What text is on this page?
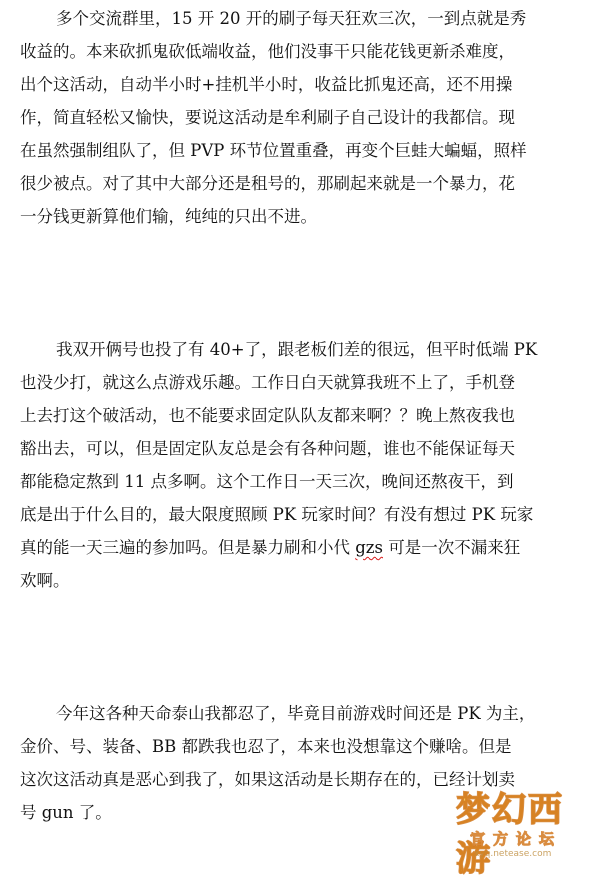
多个交流群里，15 开 20 开的刷子每天狂欢三次，一到点就是秀
收益的。本来砍抓鬼砍低端收益，他们没事干只能花钱更新杀难度，
出个这活动，自动半小时+挂机半小时，收益比抓鬼还高，还不用操
作，简直轻松又愉快，要说这活动是牟利刷子自己设计的我都信。现
在虽然强制组队了，但 PVP 环节位置重叠，再变个巨蛙大蝙蝠，照样
很少被点。对了其中大部分还是租号的，那刷起来就是一个暴力，花
一分钱更新算他们输，纯纯的只出不进。
我双开俩号也投了有 40+了，跟老板们差的很远，但平时低端 PK
也没少打，就这么点游戏乐趣。工作日白天就算我班不上了，手机登
上去打这个破活动，也不能要求固定队队友都来啊？？晚上熬夜我也
豁出去，可以，但是固定队友总是会有各种问题，谁也不能保证每天
都能稳定熬到 11 点多啊。这个工作日一天三次，晚间还熬夜干，到
底是出于什么目的，最大限度照顾 PK 玩家时间？有没有想过 PK 玩家
真的能一天三遍的参加吗。但是暴力刷和小代 gzs 可是一次不漏来狂
欢啊。
今年这各种天命泰山我都忍了，毕竟目前游戏时间还是 PK 为主，
金价、号、装备、BB 都跌我也忍了，本来也没想靠这个赚啥。但是
这次这活动真是恶心到我了，如果这活动是长期存在的，已经计划卖
号 gun 了。	梦幻西游
官方论坛
xyq.netease.com
